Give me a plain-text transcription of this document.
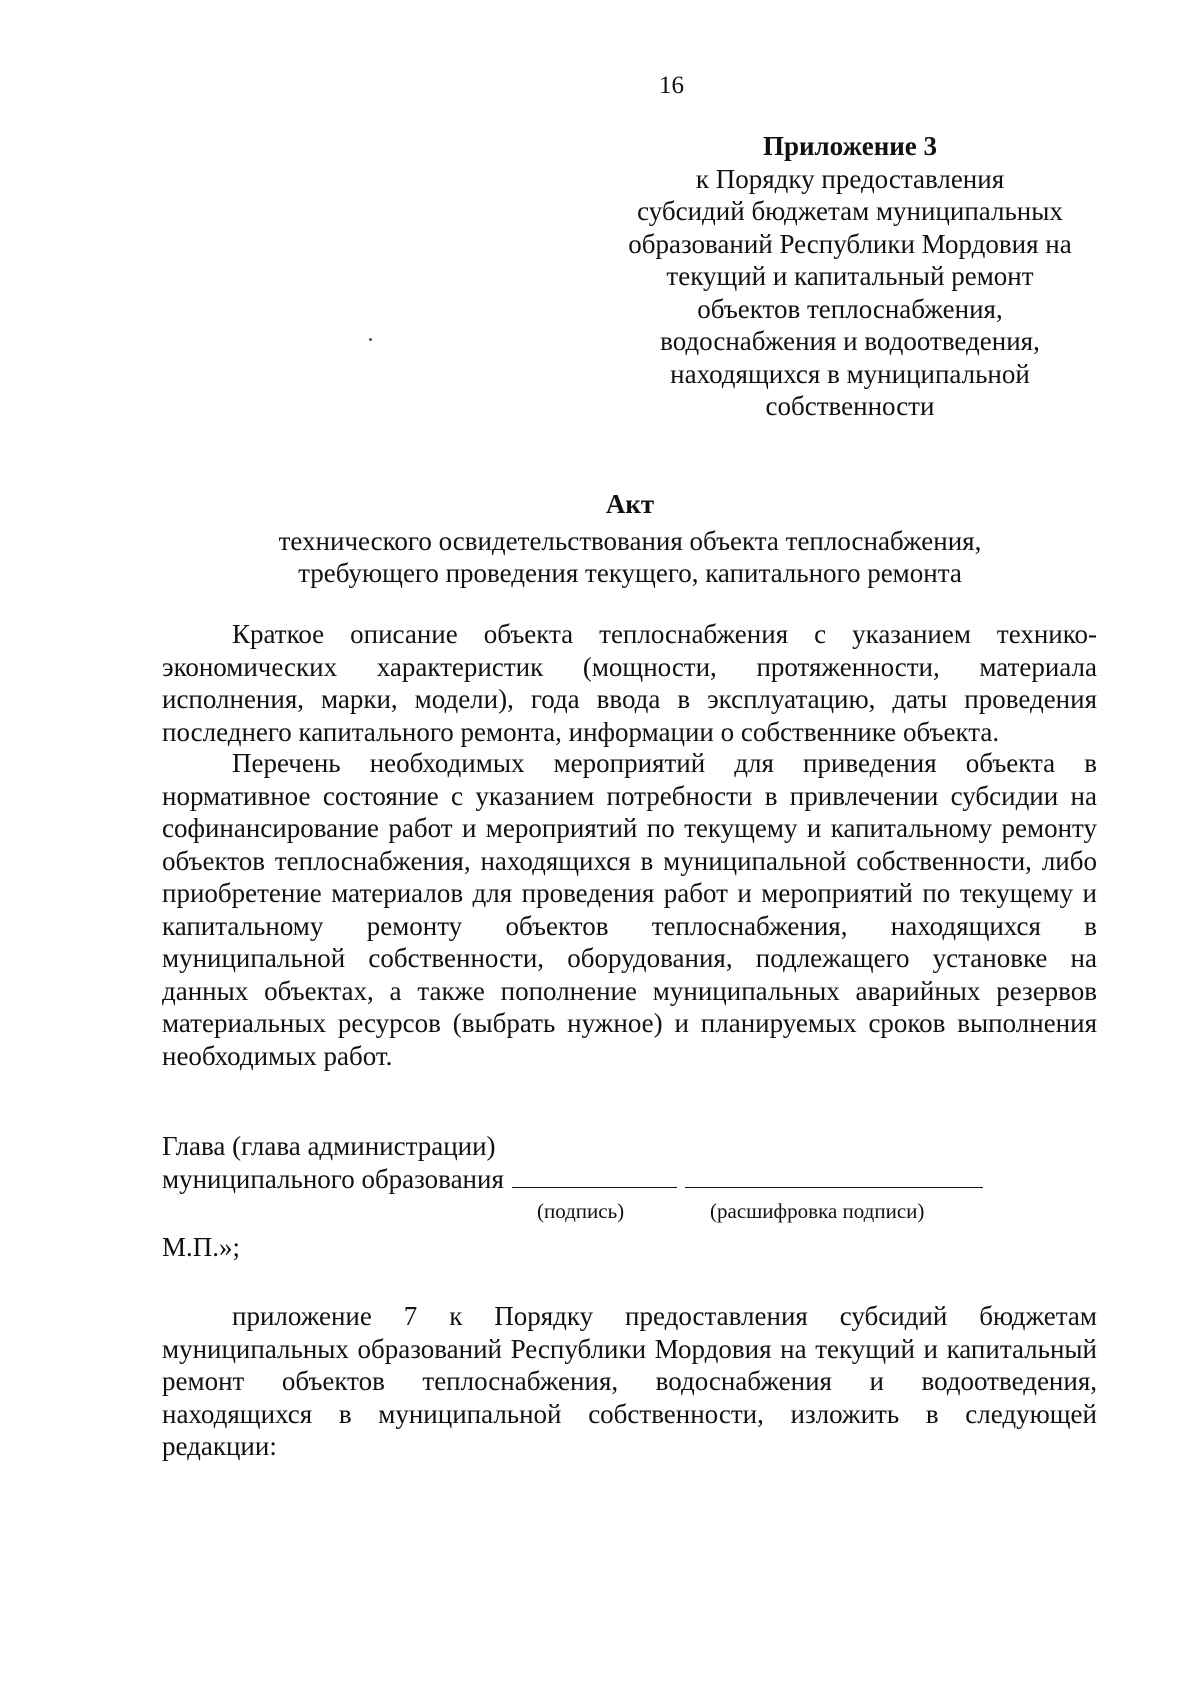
16
Приложение 3
к Порядку предоставления
субсидий бюджетам муниципальных
образований Республики Мордовия на
текущий и капитальный ремонт
объектов теплоснабжения,
водоснабжения и водоотведения,
находящихся в муниципальной
собственности
Акт
технического освидетельствования объекта теплоснабжения,
требующего проведения текущего, капитального ремонта

Краткое описание объекта теплоснабжения с указанием технико-экономических характеристик (мощности, протяженности, материала исполнения, марки, модели), года ввода в эксплуатацию, даты проведения последнего капитального ремонта, информации о собственнике объекта.

Перечень необходимых мероприятий для приведения объекта в нормативное состояние с указанием потребности в привлечении субсидии на софинансирование работ и мероприятий по текущему и капитальному ремонту объектов теплоснабжения, находящихся в муниципальной собственности, либо приобретение материалов для проведения работ и мероприятий по текущему и капитальному ремонту объектов теплоснабжения, находящихся в муниципальной собственности, оборудования, подлежащего установке на данных объектах, а также пополнение муниципальных аварийных резервов материальных ресурсов (выбрать нужное) и планируемых сроков выполнения необходимых работ.

Глава (глава администрации)
муниципального образования
(подпись)	(расшифровка подписи)
М.П.»;

приложение 7 к Порядку предоставления субсидий бюджетам муниципальных образований Республики Мордовия на текущий и капитальный ремонт объектов теплоснабжения, водоснабжения и водоотведения, находящихся в муниципальной собственности, изложить в следующей редакции:
